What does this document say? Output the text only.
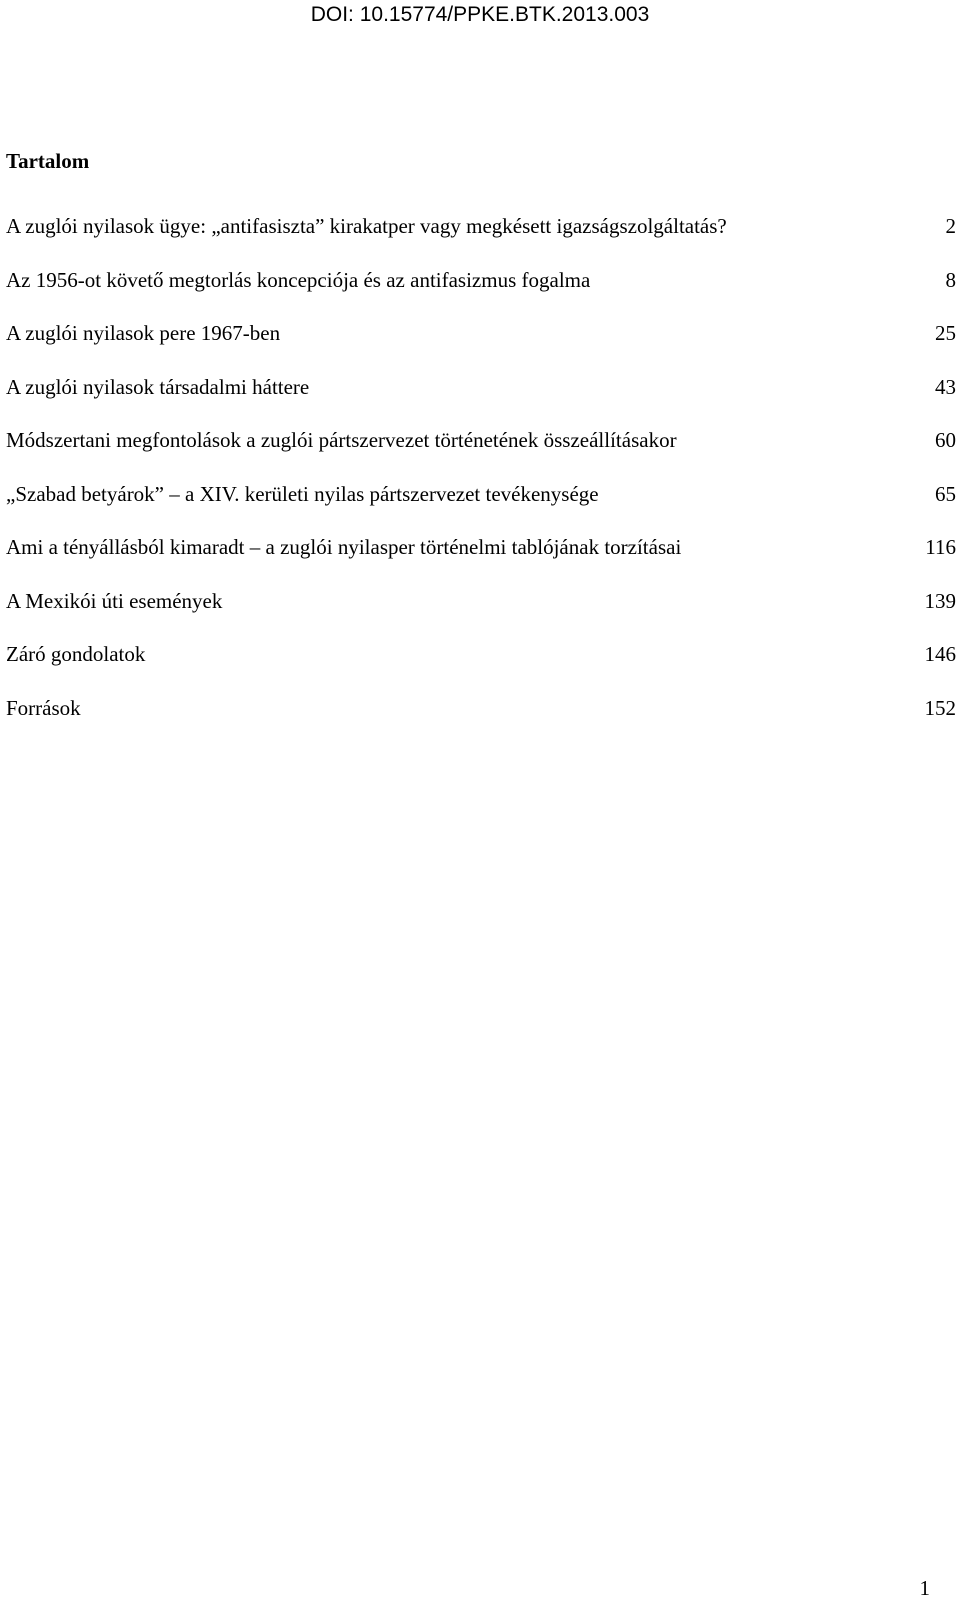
DOI: 10.15774/PPKE.BTK.2013.003
Tartalom
A zuglói nyilasok ügye: „antifasiszta” kirakatper vagy megkésett igazságszolgáltatás?	2
Az 1956-ot követő megtorlás koncepciója és az antifasizmus fogalma	8
A zuglói nyilasok pere 1967-ben	25
A zuglói nyilasok társadalmi háttere	43
Módszertani megfontolások a zuglói pártszervezet történetének összeállításakor	60
„Szabad betyárok” – a XIV. kerületi nyilas pártszervezet tevékenysége	65
Ami a tényállásból kimaradt – a zuglói nyilasper történelmi tablójának torzításai	116
A Mexikói úti események	139
Záró gondolatok	146
Források	152
1
